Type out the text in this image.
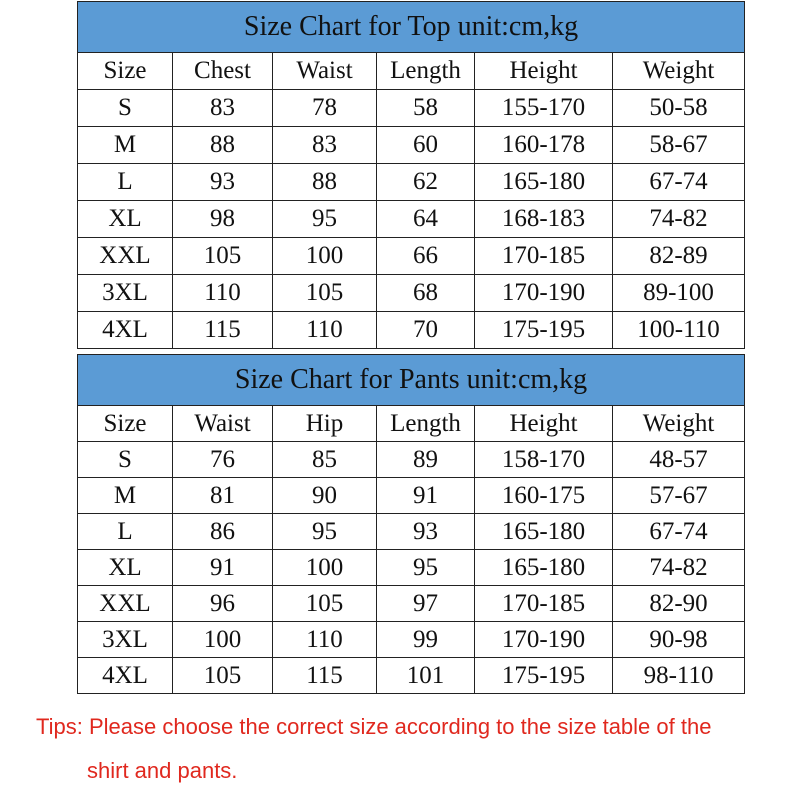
Size Chart for Top unit:cm,kg					
Size	Chest	Waist	Length	Height	Weight
S	83	78	58	155-170	50-58
M	88	83	60	160-178	58-67
L	93	88	62	165-180	67-74
XL	98	95	64	168-183	74-82
XXL	105	100	66	170-185	82-89
3XL	110	105	68	170-190	89-100
4XL	115	110	70	175-195	100-110
Size Chart for Pants unit:cm,kg					
Size	Waist	Hip	Length	Height	Weight
S	76	85	89	158-170	48-57
M	81	90	91	160-175	57-67
L	86	95	93	165-180	67-74
XL	91	100	95	165-180	74-82
XXL	96	105	97	170-185	82-90
3XL	100	110	99	170-190	90-98
4XL	105	115	101	175-195	98-110
Tips: Please choose the correct size according to the size table of the
shirt and pants.
